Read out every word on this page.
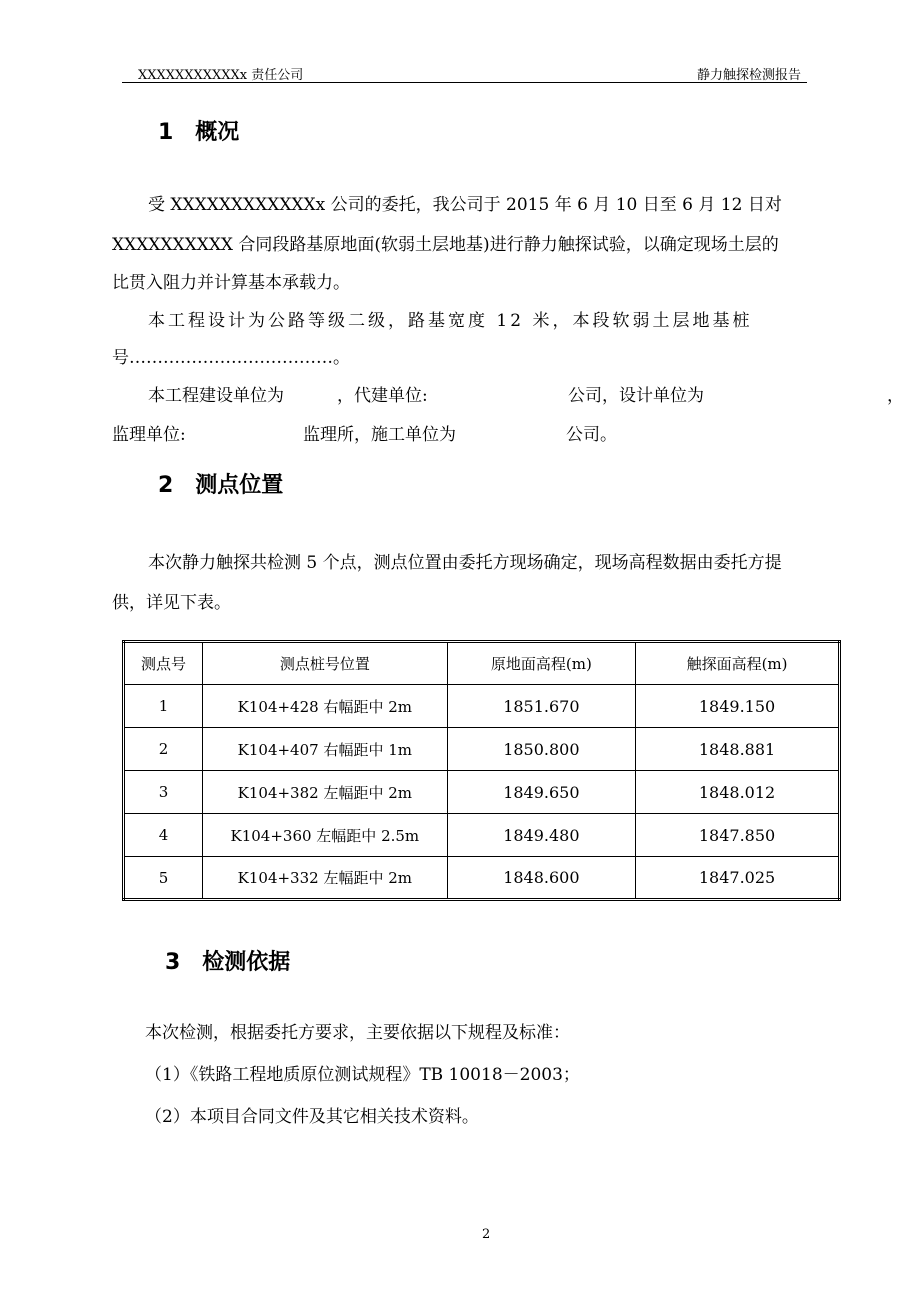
XXXXXXXXXXXx 责任公司	静力触探检测报告
1　概况
受 XXXXXXXXXXXXx 公司的委托，我公司于 2015 年 6 月 10 日至 6 月 12 日对
XXXXXXXXXX 合同段路基原地面(软弱土层地基)进行静力触探试验，以确定现场土层的
比贯入阻力并计算基本承载力。
本工程设计为公路等级二级，路基宽度 12 米，本段软弱土层地基桩
号………………………………。
本工程建设单位为	，代建单位:	公司，设计单位为	，
监理单位:	监理所，施工单位为	公司。
2　测点位置
本次静力触探共检测 5 个点，测点位置由委托方现场确定，现场高程数据由委托方提
供，详见下表。
测点号	测点桩号位置	原地面高程(m)	触探面高程(m)
1	K104+428 右幅距中 2m	1851.670	1849.150
2	K104+407 右幅距中 1m	1850.800	1848.881
3	K104+382 左幅距中 2m	1849.650	1848.012
4	K104+360 左幅距中 2.5m	1849.480	1847.850
5	K104+332 左幅距中 2m	1848.600	1847.025
3　检测依据
本次检测，根据委托方要求，主要依据以下规程及标准：
（1）《铁路工程地质原位测试规程》TB 10018－2003；
（2）本项目合同文件及其它相关技术资料。
2
